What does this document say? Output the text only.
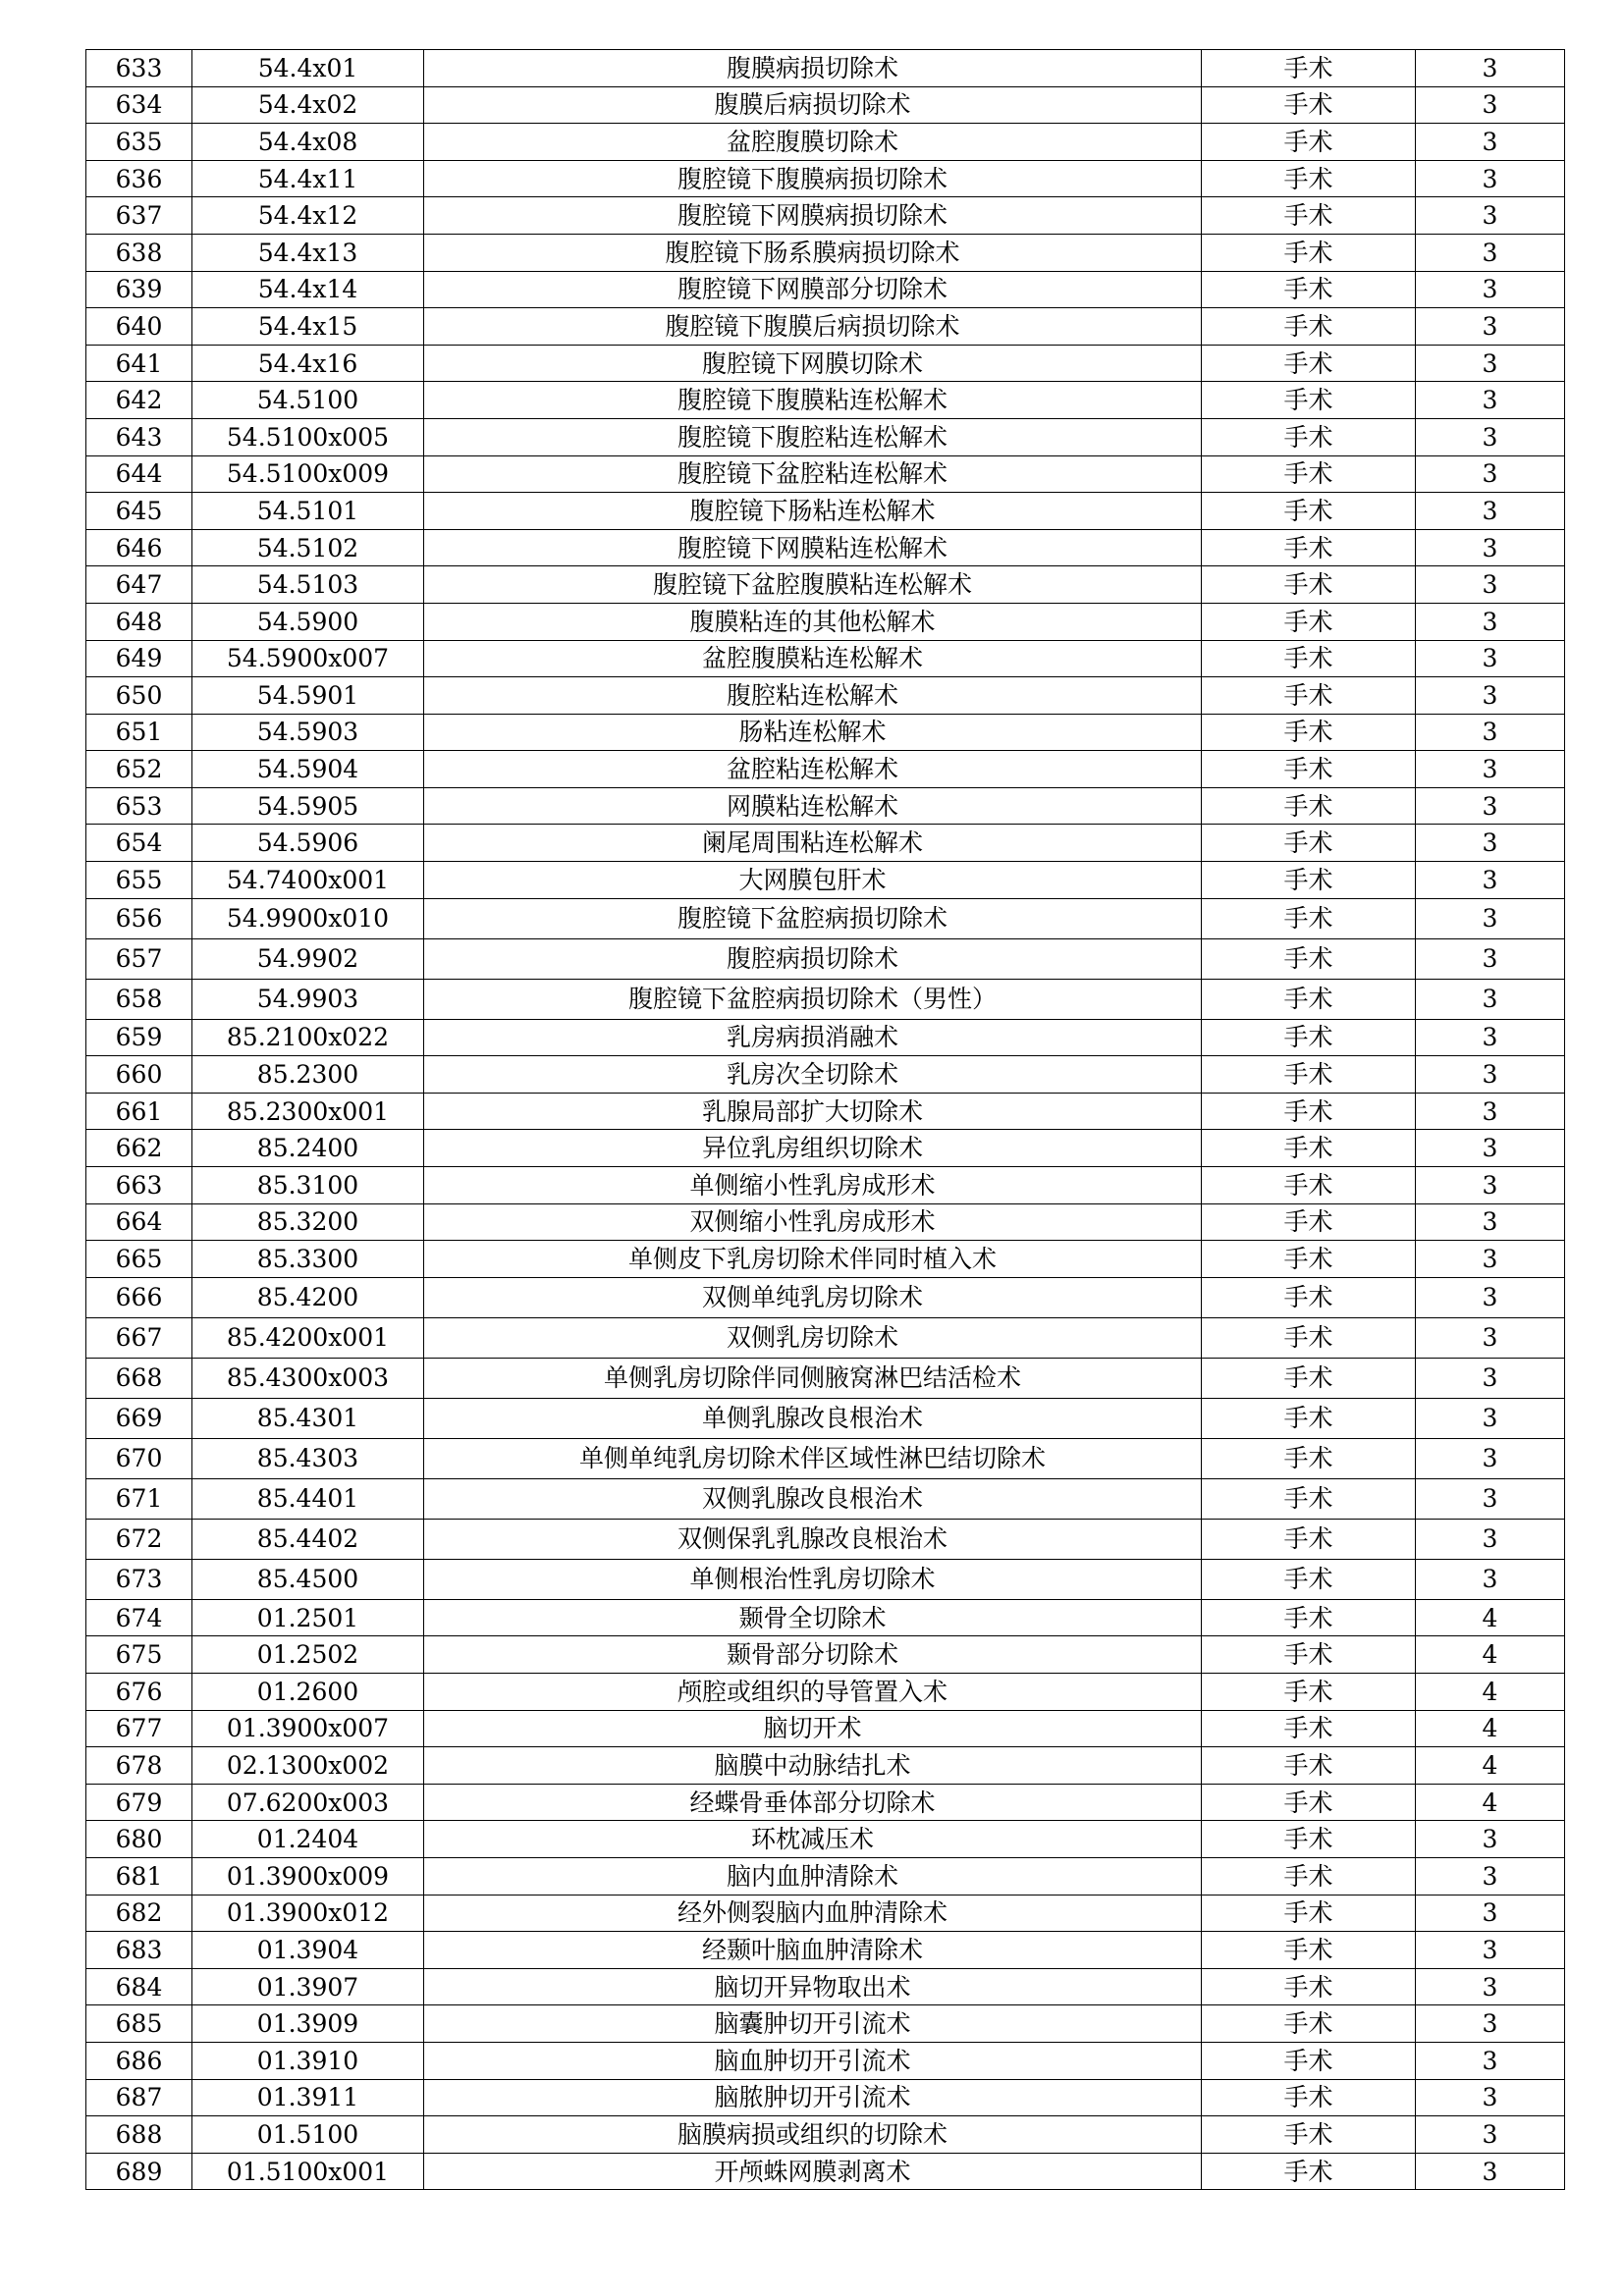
633	54.4x01	腹膜病损切除术	手术	3
634	54.4x02	腹膜后病损切除术	手术	3
635	54.4x08	盆腔腹膜切除术	手术	3
636	54.4x11	腹腔镜下腹膜病损切除术	手术	3
637	54.4x12	腹腔镜下网膜病损切除术	手术	3
638	54.4x13	腹腔镜下肠系膜病损切除术	手术	3
639	54.4x14	腹腔镜下网膜部分切除术	手术	3
640	54.4x15	腹腔镜下腹膜后病损切除术	手术	3
641	54.4x16	腹腔镜下网膜切除术	手术	3
642	54.5100	腹腔镜下腹膜粘连松解术	手术	3
643	54.5100x005	腹腔镜下腹腔粘连松解术	手术	3
644	54.5100x009	腹腔镜下盆腔粘连松解术	手术	3
645	54.5101	腹腔镜下肠粘连松解术	手术	3
646	54.5102	腹腔镜下网膜粘连松解术	手术	3
647	54.5103	腹腔镜下盆腔腹膜粘连松解术	手术	3
648	54.5900	腹膜粘连的其他松解术	手术	3
649	54.5900x007	盆腔腹膜粘连松解术	手术	3
650	54.5901	腹腔粘连松解术	手术	3
651	54.5903	肠粘连松解术	手术	3
652	54.5904	盆腔粘连松解术	手术	3
653	54.5905	网膜粘连松解术	手术	3
654	54.5906	阑尾周围粘连松解术	手术	3
655	54.7400x001	大网膜包肝术	手术	3
656	54.9900x010	腹腔镜下盆腔病损切除术	手术	3
657	54.9902	腹腔病损切除术	手术	3
658	54.9903	腹腔镜下盆腔病损切除术（男性）	手术	3
659	85.2100x022	乳房病损消融术	手术	3
660	85.2300	乳房次全切除术	手术	3
661	85.2300x001	乳腺局部扩大切除术	手术	3
662	85.2400	异位乳房组织切除术	手术	3
663	85.3100	单侧缩小性乳房成形术	手术	3
664	85.3200	双侧缩小性乳房成形术	手术	3
665	85.3300	单侧皮下乳房切除术伴同时植入术	手术	3
666	85.4200	双侧单纯乳房切除术	手术	3
667	85.4200x001	双侧乳房切除术	手术	3
668	85.4300x003	单侧乳房切除伴同侧腋窝淋巴结活检术	手术	3
669	85.4301	单侧乳腺改良根治术	手术	3
670	85.4303	单侧单纯乳房切除术伴区域性淋巴结切除术	手术	3
671	85.4401	双侧乳腺改良根治术	手术	3
672	85.4402	双侧保乳乳腺改良根治术	手术	3
673	85.4500	单侧根治性乳房切除术	手术	3
674	01.2501	颞骨全切除术	手术	4
675	01.2502	颞骨部分切除术	手术	4
676	01.2600	颅腔或组织的导管置入术	手术	4
677	01.3900x007	脑切开术	手术	4
678	02.1300x002	脑膜中动脉结扎术	手术	4
679	07.6200x003	经蝶骨垂体部分切除术	手术	4
680	01.2404	环枕减压术	手术	3
681	01.3900x009	脑内血肿清除术	手术	3
682	01.3900x012	经外侧裂脑内血肿清除术	手术	3
683	01.3904	经颞叶脑血肿清除术	手术	3
684	01.3907	脑切开异物取出术	手术	3
685	01.3909	脑囊肿切开引流术	手术	3
686	01.3910	脑血肿切开引流术	手术	3
687	01.3911	脑脓肿切开引流术	手术	3
688	01.5100	脑膜病损或组织的切除术	手术	3
689	01.5100x001	开颅蛛网膜剥离术	手术	3
